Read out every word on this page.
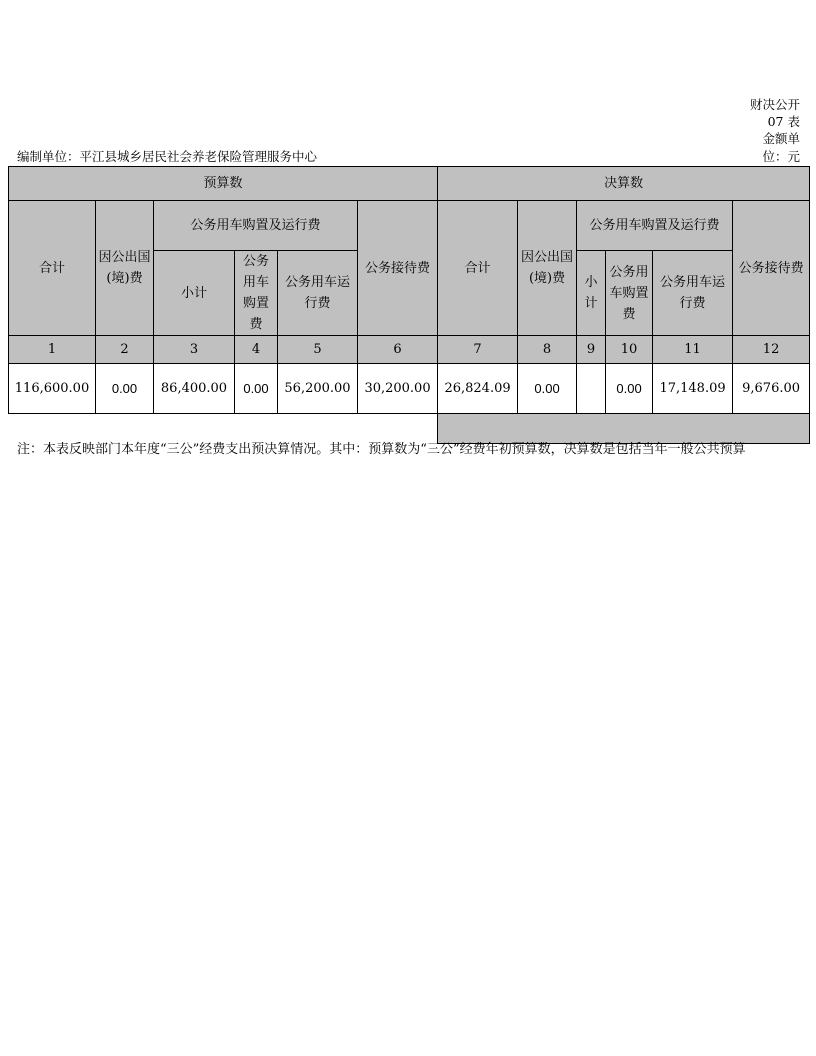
财决公开
07 表
金额单
编制单位：平江县城乡居民社会养老保险管理服务中心	位：元
预算数						决算数					
合计	因公出国(境)费	公务用车购置及运行费			公务接待费	合计	因公出国(境)费	公务用车购置及运行费			公务接待费
		小计	公务用车购置费	公务用车运行费				小计	公务用车购置费	公务用车运行费	
1	2	3	4	5	6	7	8	9	10	11	12
116,600.00	0.00	86,400.00	0.00	56,200.00	30,200.00	26,824.09	0.00		0.00	17,148.09	9,676.00

注：本表反映部门本年度“三公”经费支出预决算情况。其中：预算数为“三公”经费年初预算数，决算数是包括当年一般公共预算
